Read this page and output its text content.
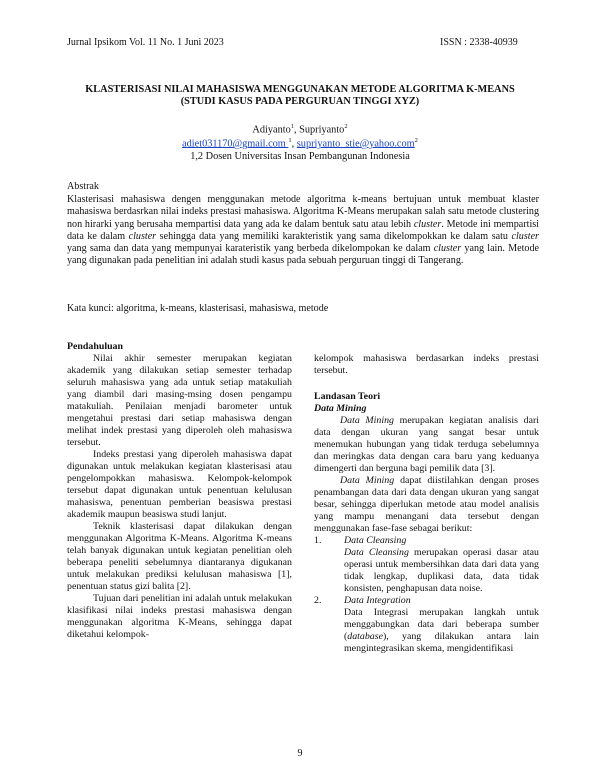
Jurnal Ipsikom Vol. 11 No. 1 Juni 2023	ISSN : 2338-40939
KLASTERISASI NILAI MAHASISWA MENGGUNAKAN METODE ALGORITMA K-MEANS
(STUDI KASUS PADA PERGURUAN TINGGI XYZ)
Adiyanto$^1$, Supriyanto$^2$
adiet031170@gmail.com $^1$, supriyanto_stie@yahoo.com$^2$
1,2 Dosen Universitas Insan Pembangunan Indonesia
Abstrak
Klasterisasi mahasiswa dengen menggunakan metode algoritma k-means bertujuan untuk membuat klaster mahasiswa berdasrkan nilai indeks prestasi mahasiswa. Algoritma K-Means merupakan salah satu metode clustering non hirarki yang berusaha mempartisi data yang ada ke dalam bentuk satu atau lebih cluster. Metode ini mempartisi data ke dalam cluster sehingga data yang memiliki karakteristik yang sama dikelompokkan ke dalam satu cluster yang sama dan data yang mempunyai karateristik yang berbeda dikelompokan ke dalam cluster yang lain. Metode yang digunakan pada penelitian ini adalah studi kasus pada sebuah perguruan tinggi di Tangerang.
Kata kunci: algoritma, k-means, klasterisasi, mahasiswa, metode

Pendahuluan

Nilai akhir semester merupakan kegiatan akademik yang dilakukan setiap semester terhadap seluruh mahasiswa yang ada untuk setiap matakuliah yang diambil dari masing-msing dosen pengampu matakuliah. Penilaian menjadi barometer untuk mengetahui prestasi dari setiap mahasiswa dengan melihat indek prestasi yang diperoleh oleh mahasiswa tersebut.

Indeks prestasi yang diperoleh mahasiswa dapat digunakan untuk melakukan kegiatan klasterisasi atau pengelompokkan mahasiswa. Kelompok-kelompok tersebut dapat digunakan untuk penentuan kelulusan mahasiswa, penentuan pemberian beasiswa prestasi akademik maupun beasiswa studi lanjut.

Teknik klasterisasi dapat dilakukan dengan menggunakan Algoritma K-Means. Algoritma K-means telah banyak digunakan untuk kegiatan penelitian oleh beberapa peneliti sebelumnya diantaranya digukanan untuk melakukan prediksi kelulusan mahasiswa [1], penentuan status gizi balita [2].

Tujuan dari penelitian ini adalah untuk melakukan klasifikasi nilai indeks prestasi mahasiswa dengan menggunakan algoritma K-Means, sehingga dapat diketahui kelompok-

kelompok mahasiswa berdasarkan indeks prestasi tersebut.

Landasan Teori

Data Mining

Data Mining merupakan kegiatan analisis dari data dengan ukuran yang sangat besar untuk menemukan hubungan yang tidak terduga sebelumnya dan meringkas data dengan cara baru yang keduanya dimengerti dan berguna bagi pemilik data [3].

Data Mining dapat diistilahkan dengan proses penambangan data dari data dengan ukuran yang sangat besar, sehingga diperlukan metode atau model analisis yang mampu menangani data tersebut dengan menggunakan fase-fase sebagai berikut:

1. Data Cleansing

Data Cleansing merupakan operasi dasar atau operasi untuk membersihkan data dari data yang tidak lengkap, duplikasi data, data tidak konsisten, penghapusan data noise.

2. Data Integration

Data Integrasi merupakan langkah untuk menggabungkan data dari beberapa sumber (database), yang dilakukan antara lain mengintegrasikan skema, mengidentifikasi

9
